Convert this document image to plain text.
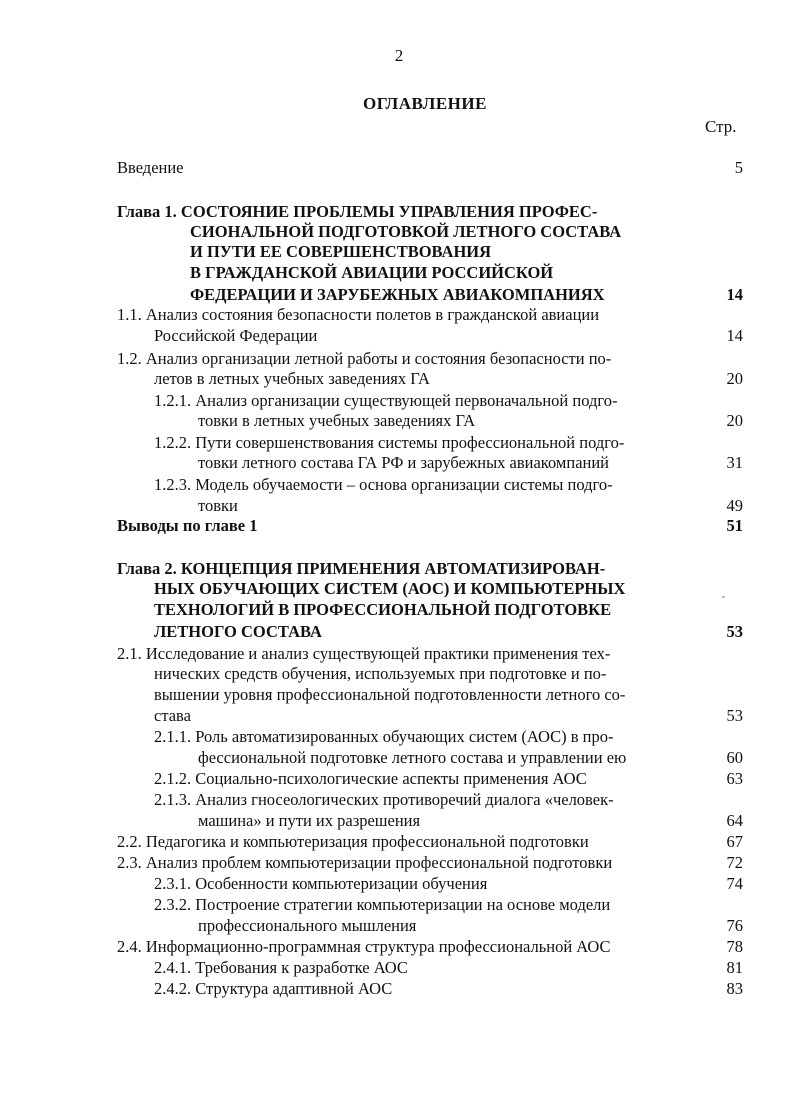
2
ОГЛАВЛЕНИЕ
Стр.
Введение	5
Глава 1. СОСТОЯНИЕ ПРОБЛЕМЫ УПРАВЛЕНИЯ ПРОФЕС-
СИОНАЛЬНОЙ ПОДГОТОВКОЙ ЛЕТНОГО СОСТАВА
И ПУТИ ЕЕ СОВЕРШЕНСТВОВАНИЯ
В ГРАЖДАНСКОЙ АВИАЦИИ РОССИЙСКОЙ
ФЕДЕРАЦИИ И ЗАРУБЕЖНЫХ АВИАКОМПАНИЯХ	14
1.1. Анализ состояния безопасности полетов в гражданской авиации
Российской Федерации	14
1.2. Анализ организации летной работы и состояния безопасности по-
летов в летных учебных заведениях ГА	20
1.2.1. Анализ организации существующей первоначальной подго-
товки в летных учебных заведениях ГА	20
1.2.2. Пути совершенствования системы профессиональной подго-
товки летного состава ГА РФ и зарубежных авиакомпаний	31
1.2.3. Модель обучаемости – основа организации системы подго-
товки	49
Выводы по главе 1	51
Глава 2. КОНЦЕПЦИЯ ПРИМЕНЕНИЯ АВТОМАТИЗИРОВАН-
НЫХ ОБУЧАЮЩИХ СИСТЕМ (АОС) И КОМПЬЮТЕРНЫХ
ТЕХНОЛОГИЙ В ПРОФЕССИОНАЛЬНОЙ ПОДГОТОВКЕ
ЛЕТНОГО СОСТАВА	53
2.1. Исследование и анализ существующей практики применения тех-
нических средств обучения, используемых при подготовке и по-
вышении уровня профессиональной подготовленности летного со-
става	53
2.1.1. Роль автоматизированных обучающих систем (АОС) в про-
фессиональной подготовке летного состава и управлении ею	60
2.1.2. Социально-психологические аспекты применения АОС	63
2.1.3. Анализ гносеологических противоречий диалога «человек-
машина» и пути их разрешения	64
2.2. Педагогика и компьютеризация профессиональной подготовки	67
2.3. Анализ проблем компьютеризации профессиональной подготовки	72
2.3.1. Особенности компьютеризации обучения	74
2.3.2. Построение стратегии компьютеризации на основе модели
профессионального мышления	76
2.4. Информационно-программная структура профессиональной АОС	78
2.4.1. Требования к разработке АОС	81
2.4.2. Структура адаптивной АОС	83
